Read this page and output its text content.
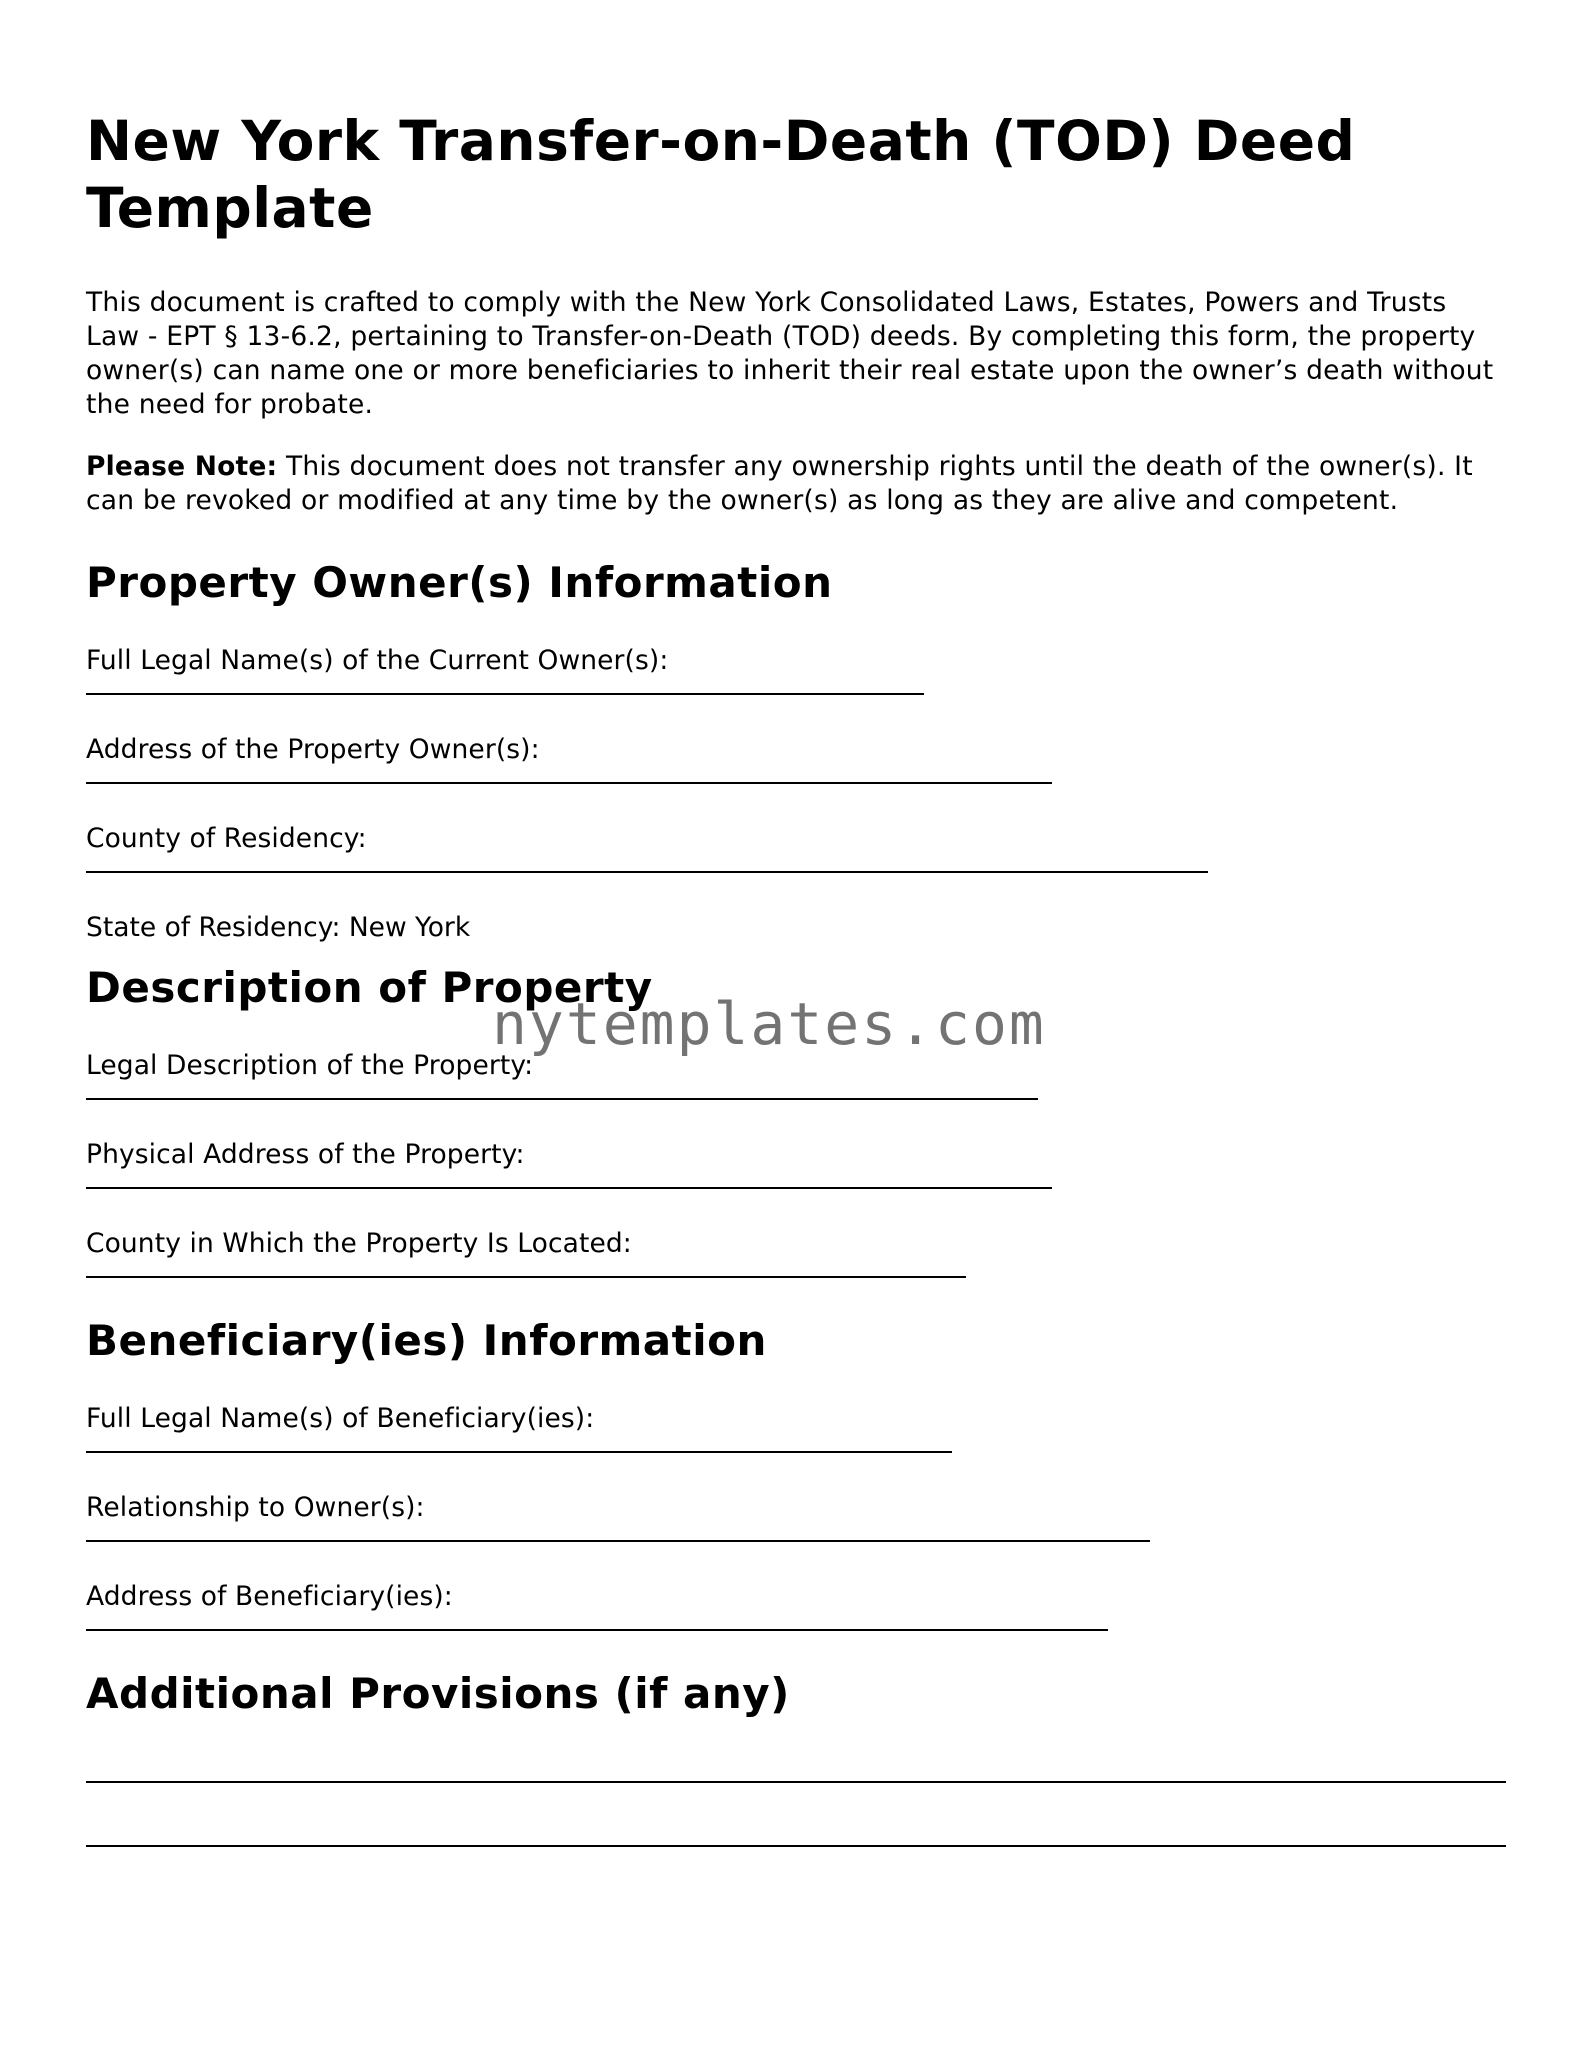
New York Transfer-on-Death (TOD) Deed Template

This document is crafted to comply with the New York Consolidated Laws, Estates, Powers and Trusts Law - EPT § 13-6.2, pertaining to Transfer-on-Death (TOD) deeds. By completing this form, the property owner(s) can name one or more beneficiaries to inherit their real estate upon the owner’s death without the need for probate.

Please Note: This document does not transfer any ownership rights until the death of the owner(s). It can be revoked or modified at any time by the owner(s) as long as they are alive and competent.

Property Owner(s) Information
Full Legal Name(s) of the Current Owner(s):
Address of the Property Owner(s):
County of Residency:
State of Residency: New York
Description of Property
Legal Description of the Property:
Physical Address of the Property:
County in Which the Property Is Located:
Beneficiary(ies) Information
Full Legal Name(s) of Beneficiary(ies):
Relationship to Owner(s):
Address of Beneficiary(ies):
Additional Provisions (if any)
nytemplates.com
